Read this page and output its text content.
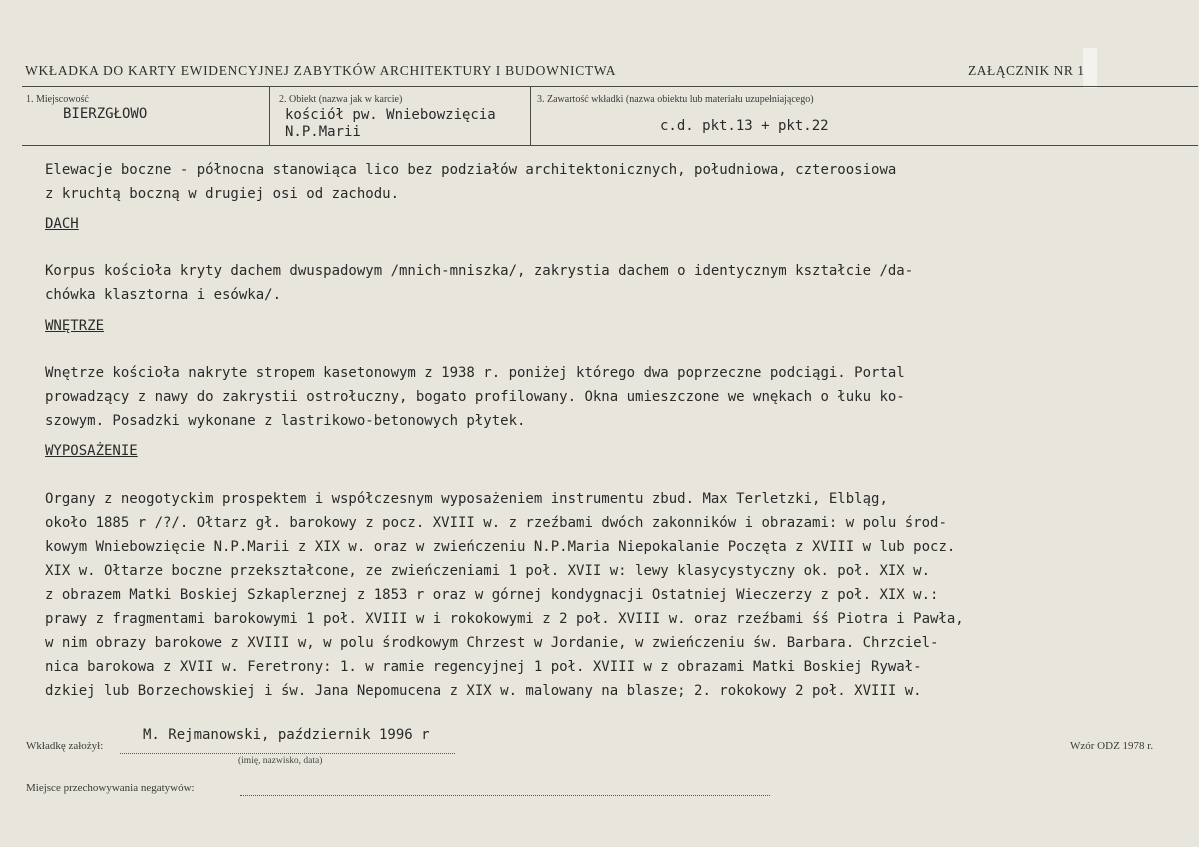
WKŁADKA DO KARTY EWIDENCYJNEJ ZABYTKÓW ARCHITEKTURY I BUDOWNICTWA	ZAŁĄCZNIK NR 1
1. Miejscowość
BIERZGŁOWO
2. Obiekt (nazwa jak w karcie)
kościół pw. Wniebowzięcia
N.P.Marii
3. Zawartość wkładki (nazwa obiektu lub materiału uzupełniającego)
c.d. pkt.13 + pkt.22
Elewacje boczne - północna stanowiąca lico bez podziałów architektonicznych, południowa, czteroosiowa
z kruchtą boczną w drugiej osi od zachodu.
DACH
Korpus kościoła kryty dachem dwuspadowym /mnich-mniszka/, zakrystia dachem o identycznym kształcie /da-
chówka klasztorna i esówka/.
WNĘTRZE
Wnętrze kościoła nakryte stropem kasetonowym z 1938 r. poniżej którego dwa poprzeczne podciągi. Portal
prowadzący z nawy do zakrystii ostrołuczny, bogato profilowany. Okna umieszczone we wnękach o łuku ko-
szowym. Posadzki wykonane z lastrikowo-betonowych płytek.
WYPOSAŻENIE
Organy z neogotyckim prospektem i współczesnym wyposażeniem instrumentu zbud. Max Terletzki, Elbląg,
około 1885 r /?/. Ołtarz gł. barokowy z pocz. XVIII w. z rzeźbami dwóch zakonników i obrazami: w polu środ-
kowym Wniebowzięcie N.P.Marii z XIX w. oraz w zwieńczeniu N.P.Maria Niepokalanie Poczęta z XVIII w lub pocz.
XIX w. Ołtarze boczne przekształcone, ze zwieńczeniami 1 poł. XVII w: lewy klasycystyczny ok. poł. XIX w.
z obrazem Matki Boskiej Szkaplerznej z 1853 r oraz w górnej kondygnacji Ostatniej Wieczerzy z poł. XIX w.:
prawy z fragmentami barokowymi 1 poł. XVIII w i rokokowymi z 2 poł. XVIII w. oraz rzeźbami śś Piotra i Pawła,
w nim obrazy barokowe z XVIII w, w polu środkowym Chrzest w Jordanie, w zwieńczeniu św. Barbara. Chrzciel-
nica barokowa z XVII w. Feretrony: 1. w ramie regencyjnej 1 poł. XVIII w z obrazami Matki Boskiej Rywał-
dzkiej lub Borzechowskiej i św. Jana Nepomucena z XIX w. malowany na blasze; 2. rokokowy 2 poł. XVIII w.
Wkładkę założył:
M. Rejmanowski, październik 1996 r
(imię, nazwisko, data)
Wzór ODZ 1978 r.
Miejsce przechowywania negatywów:
